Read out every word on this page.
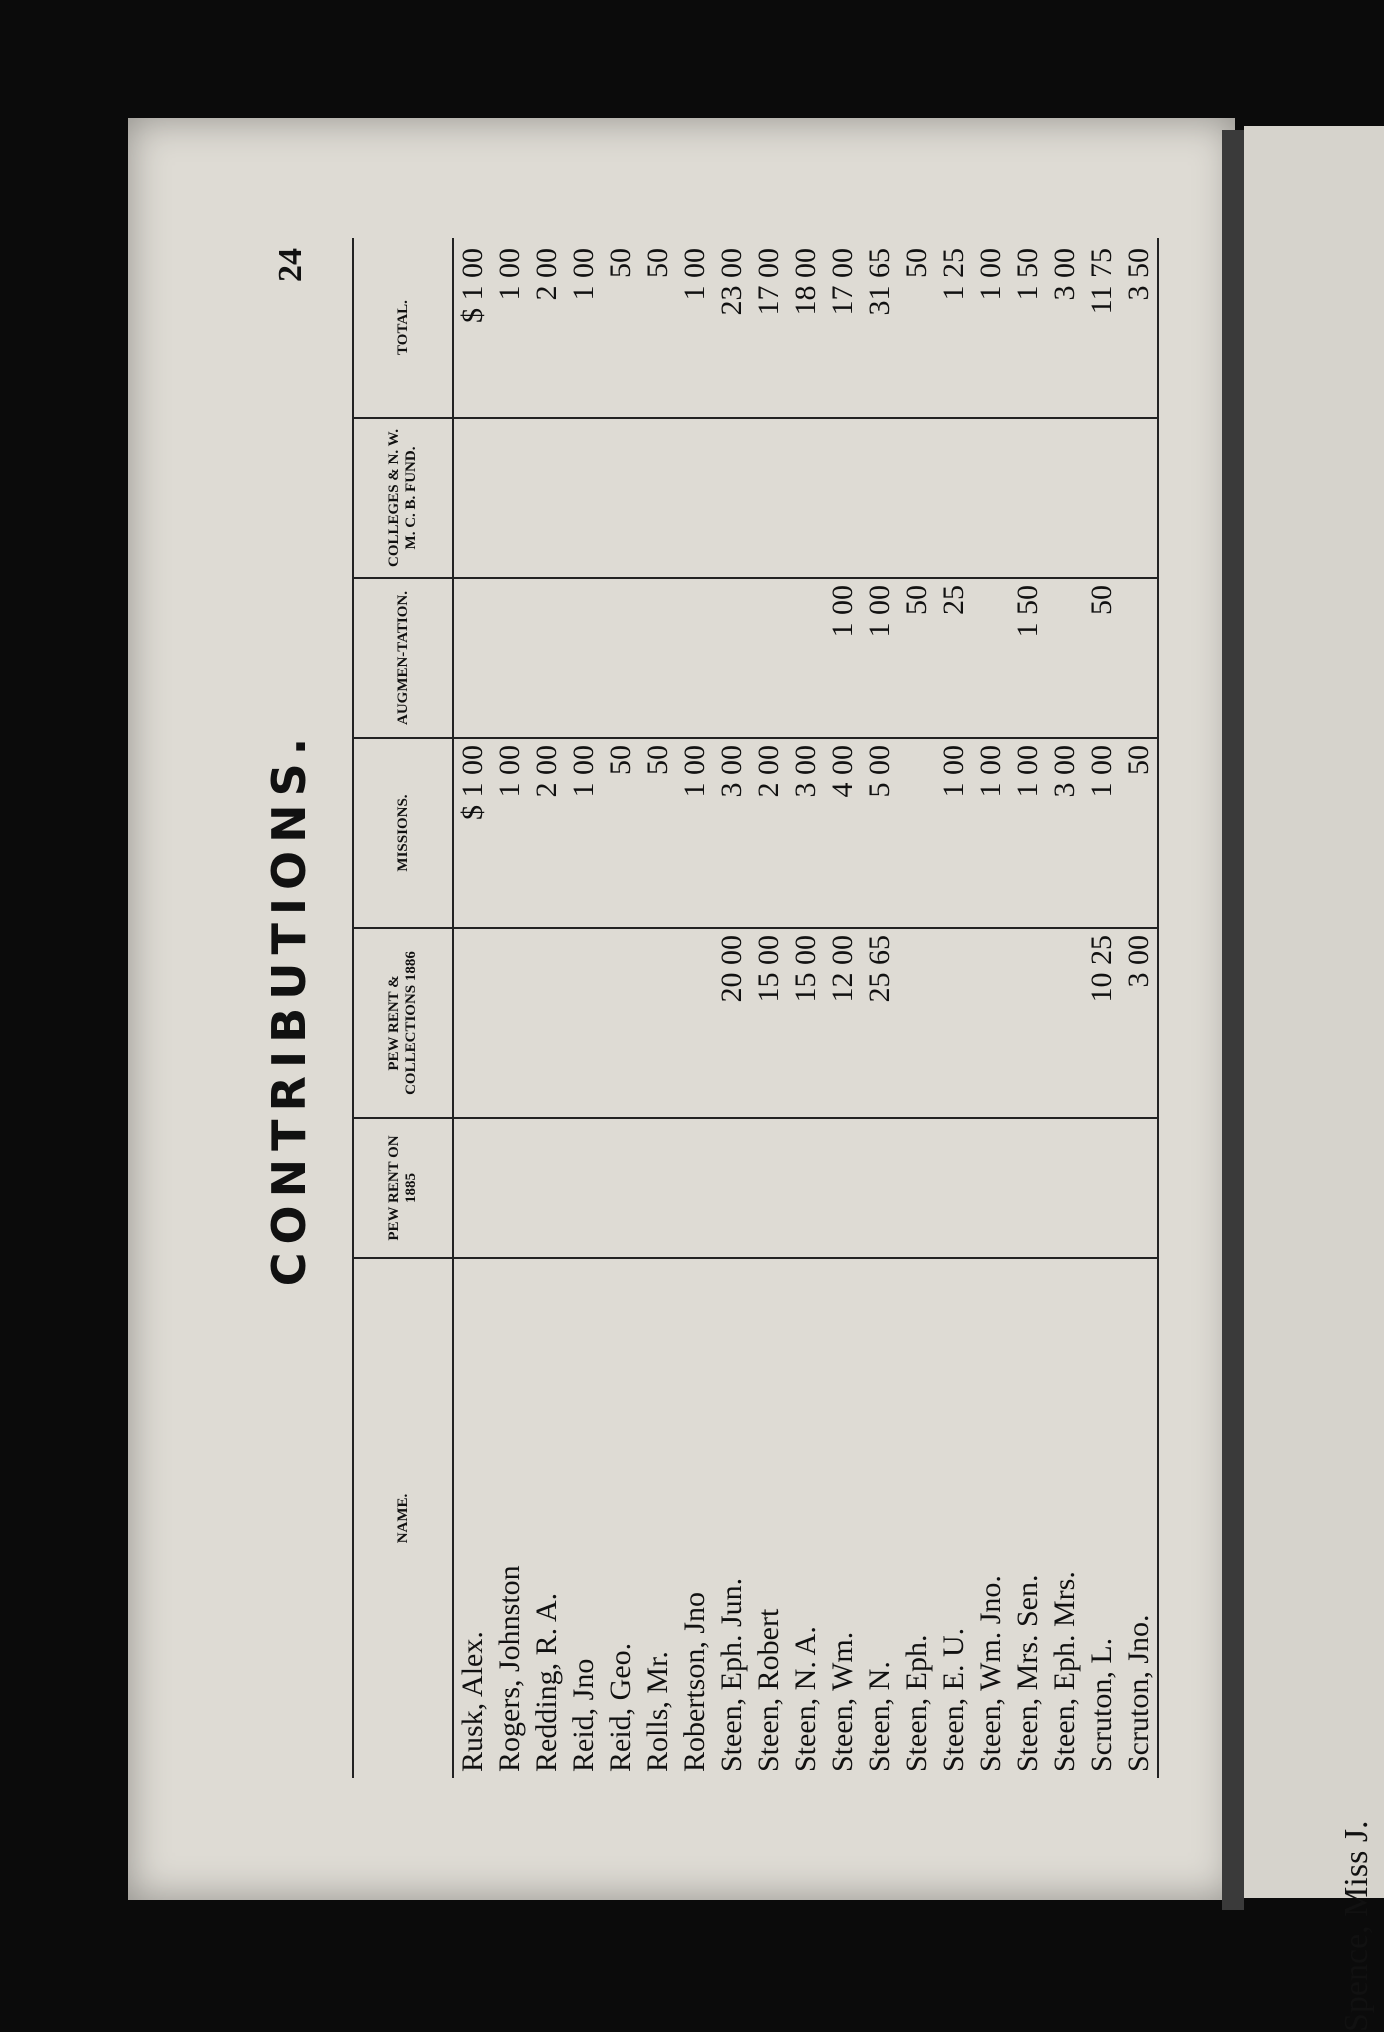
Spence, Miss J.
24
CONTRIBUTIONS.
NAME.	PEW RENT ON 1885	PEW RENT & COLLECTIONS 1886	MISSIONS.	AUGMEN-TATION.	COLLEGES & N. W. M. C. B. FUND.	TOTAL.
Rusk, Alex.			$ 1 00			$ 1 00
Rogers, Johnston			1 00			1 00
Redding, R. A.			2 00			2 00
Reid, Jno			1 00			1 00
Reid, Geo.			50			50
Rolls, Mr.			50			50
Robertson, Jno			1 00			1 00
Steen, Eph. Jun.		20 00	3 00			23 00
Steen, Robert		15 00	2 00			17 00
Steen, N. A.		15 00	3 00			18 00
Steen, Wm.		12 00	4 00	1 00		17 00
Steen, N.		25 65	5 00	1 00		31 65
Steen, Eph.				50		50
Steen, E. U.			1 00	25		1 25
Steen, Wm. Jno.			1 00			1 00
Steen, Mrs. Sen.			1 00	1 50		1 50
Steen, Eph. Mrs.			3 00			3 00
Scruton, L.		10 25	1 00	50		11 75
Scruton, Jno.		3 00	50			3 50
